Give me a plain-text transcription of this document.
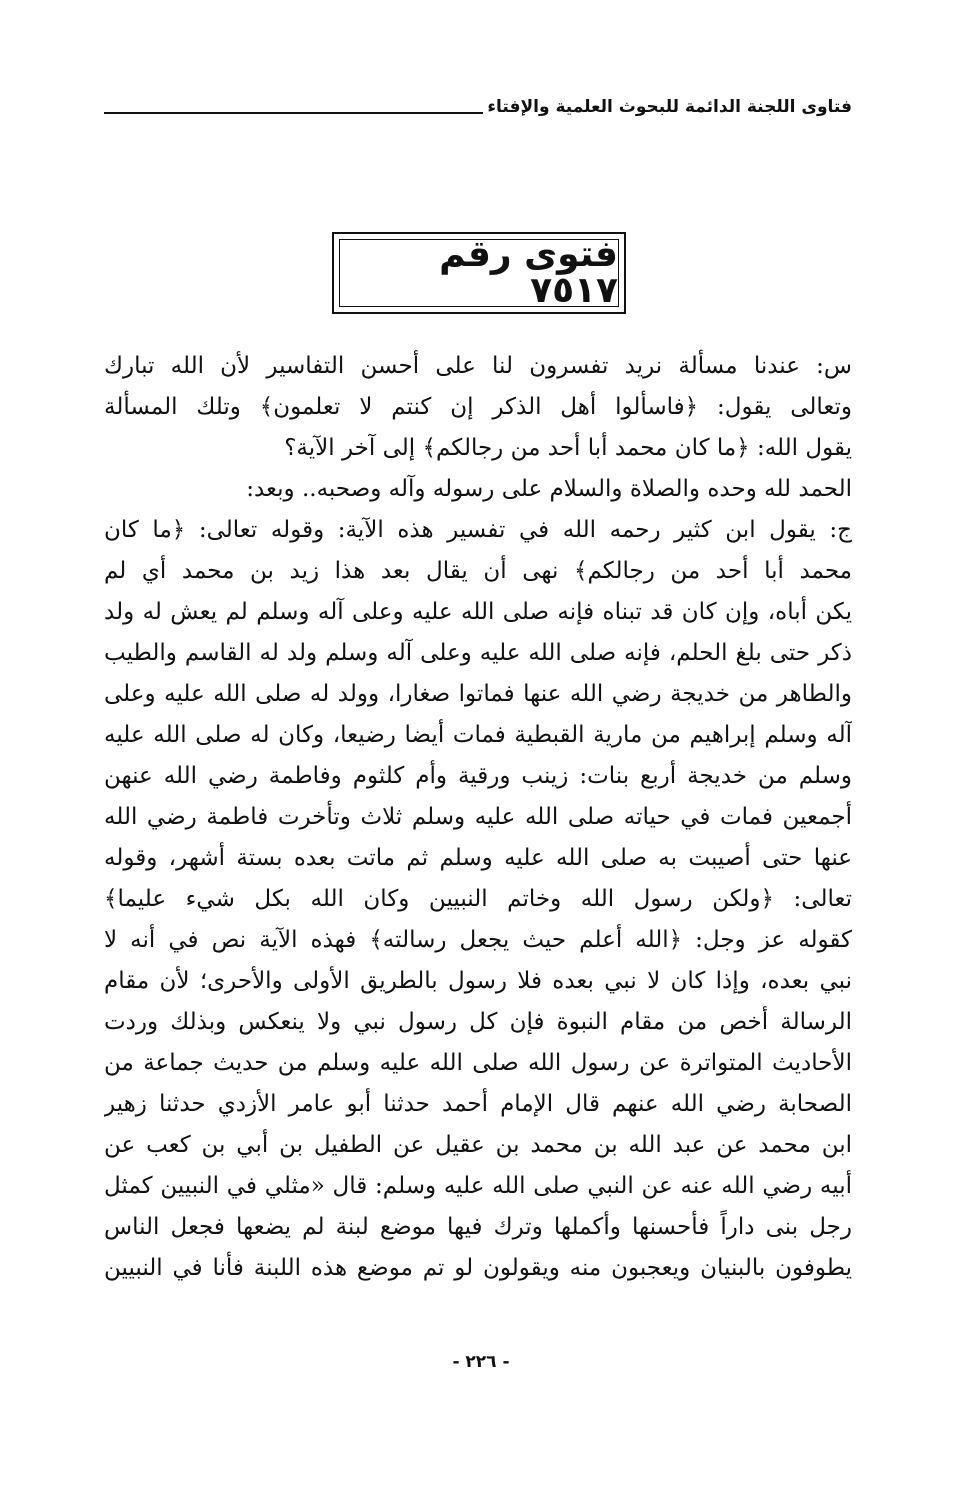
فتاوى اللجنة الدائمة للبحوث العلمية والإفتاء
فتوى رقم ٧٥١٧
س: عندنا مسألة نريد تفسرون لنا على أحسن التفاسير لأن الله تبارك
وتعالى يقول: ﴿فاسألوا أهل الذكر إن كنتم لا تعلمون﴾ وتلك المسألة
يقول الله: ﴿ما كان محمد أبا أحد من رجالكم﴾ إلى آخر الآية؟
الحمد لله وحده والصلاة والسلام على رسوله وآله وصحبه.. وبعد:
ج: يقول ابن كثير رحمه الله في تفسير هذه الآية: وقوله تعالى: ﴿ما كان
محمد أبا أحد من رجالكم﴾ نهى أن يقال بعد هذا زيد بن محمد أي لم
يكن أباه، وإن كان قد تبناه فإنه صلى الله عليه وعلى آله وسلم لم يعش له ولد
ذكر حتى بلغ الحلم، فإنه صلى الله عليه وعلى آله وسلم ولد له القاسم والطيب
والطاهر من خديجة رضي الله عنها فماتوا صغارا، وولد له صلى الله عليه وعلى
آله وسلم إبراهيم من مارية القبطية فمات أيضا رضيعا، وكان له صلى الله عليه
وسلم من خديجة أربع بنات: زينب ورقية وأم كلثوم وفاطمة رضي الله عنهن
أجمعين فمات في حياته صلى الله عليه وسلم ثلاث وتأخرت فاطمة رضي الله
عنها حتى أصيبت به صلى الله عليه وسلم ثم ماتت بعده بستة أشهر، وقوله
تعالى: ﴿ولكن رسول الله وخاتم النبيين وكان الله بكل شيء عليما﴾
كقوله عز وجل: ﴿الله أعلم حيث يجعل رسالته﴾ فهذه الآية نص في أنه لا
نبي بعده، وإذا كان لا نبي بعده فلا رسول بالطريق الأولى والأحرى؛ لأن مقام
الرسالة أخص من مقام النبوة فإن كل رسول نبي ولا ينعكس وبذلك وردت
الأحاديث المتواترة عن رسول الله صلى الله عليه وسلم من حديث جماعة من
الصحابة رضي الله عنهم قال الإمام أحمد حدثنا أبو عامر الأزدي حدثنا زهير
ابن محمد عن عبد الله بن محمد بن عقيل عن الطفيل بن أبي بن كعب عن
أبيه رضي الله عنه عن النبي صلى الله عليه وسلم: قال «مثلي في النبيين كمثل
رجل بنى داراً فأحسنها وأكملها وترك فيها موضع لبنة لم يضعها فجعل الناس
يطوفون بالبنيان ويعجبون منه ويقولون لو تم موضع هذه اللبنة فأنا في النبيين
- ٢٢٦ -
